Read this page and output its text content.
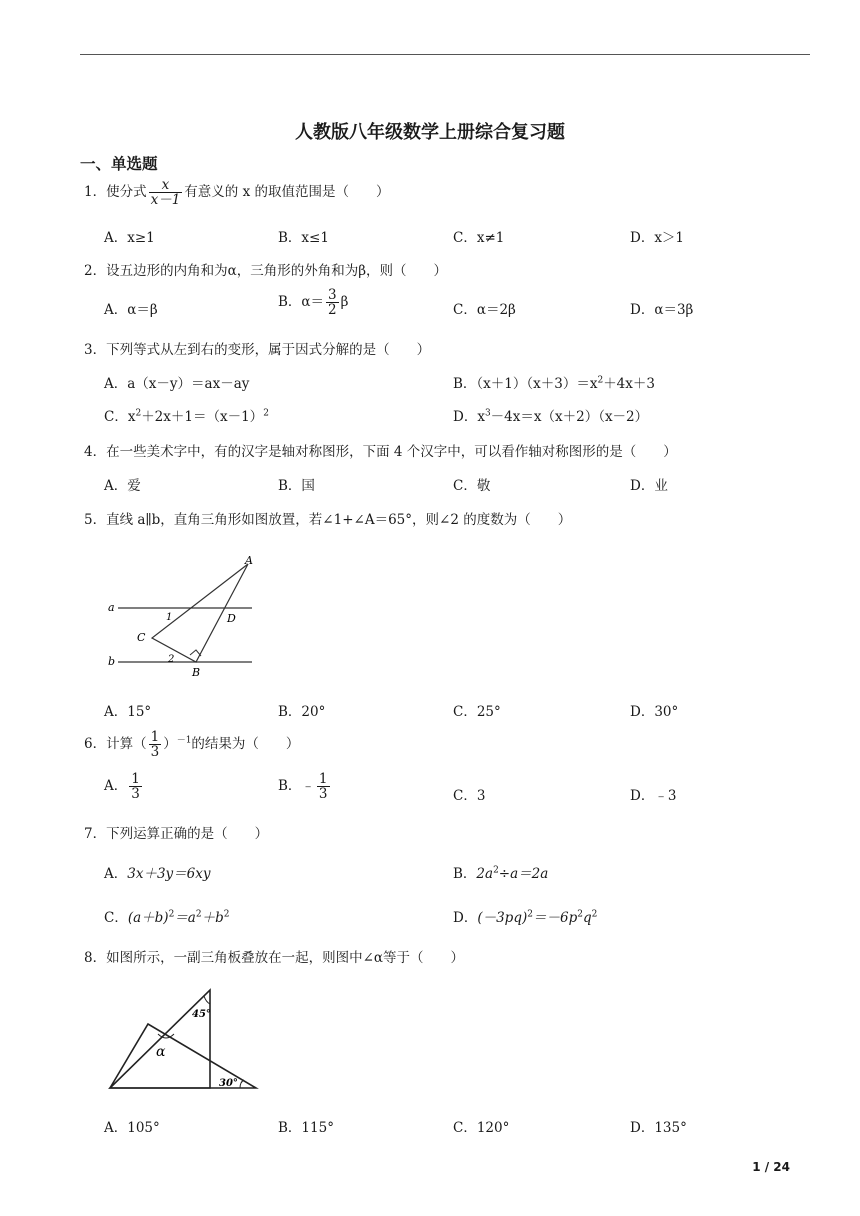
人教版八年级数学上册综合复习题
一、单选题
1．使分式 $\frac{x}{x-1}$ 有意义的 x 的取值范围是（　　）
A．x≥1	B．x≤1	C．x≠1	D．x＞1
2．设五边形的内角和为α，三角形的外角和为β，则（　　）
A．α＝β	B．$\alpha= \frac{3}{2}$ β	C．α＝2β	D．α＝3β
3．下列等式从左到右的变形，属于因式分解的是（　　）
A．a（x－y）＝ax－ay	B．$(x+1)(x+3)=x^2+4x+3$
C．$x^2+2x+1=(x-1)^2$	D．$x^3-4x=x(x+2)(x-2)$
4．在一些美术字中，有的汉字是轴对称图形，下面 4 个汉字中，可以看作轴对称图形的是（　　）
A．爱	B．国	C．敬	D．业
5．直线 a∥b，直角三角形如图放置，若∠1+∠A＝65°，则∠2 的度数为（　　）
A
B
C
D
a
b
1
2
A．15°	B．20°	C．25°	D．30°
6．计算（ $\frac{1}{3} )^{-1}$的结果为（　　）
A． $\frac{1}{3}$	B．﹣ $\frac{1}{3}$	C．3	D．﹣3
7．下列运算正确的是（　　）
A．3x＋3y＝6xy	B．$2a^2\div a=2a$
C．$(a+b)^2=a^2+b^2$	D．$(-3pq)^2=-6p^2q^2$
8．如图所示，一副三角板叠放在一起，则图中∠α等于（　　）
45°
30°
α
A．105°	B．115°	C．120°	D．135°
1 / 24
